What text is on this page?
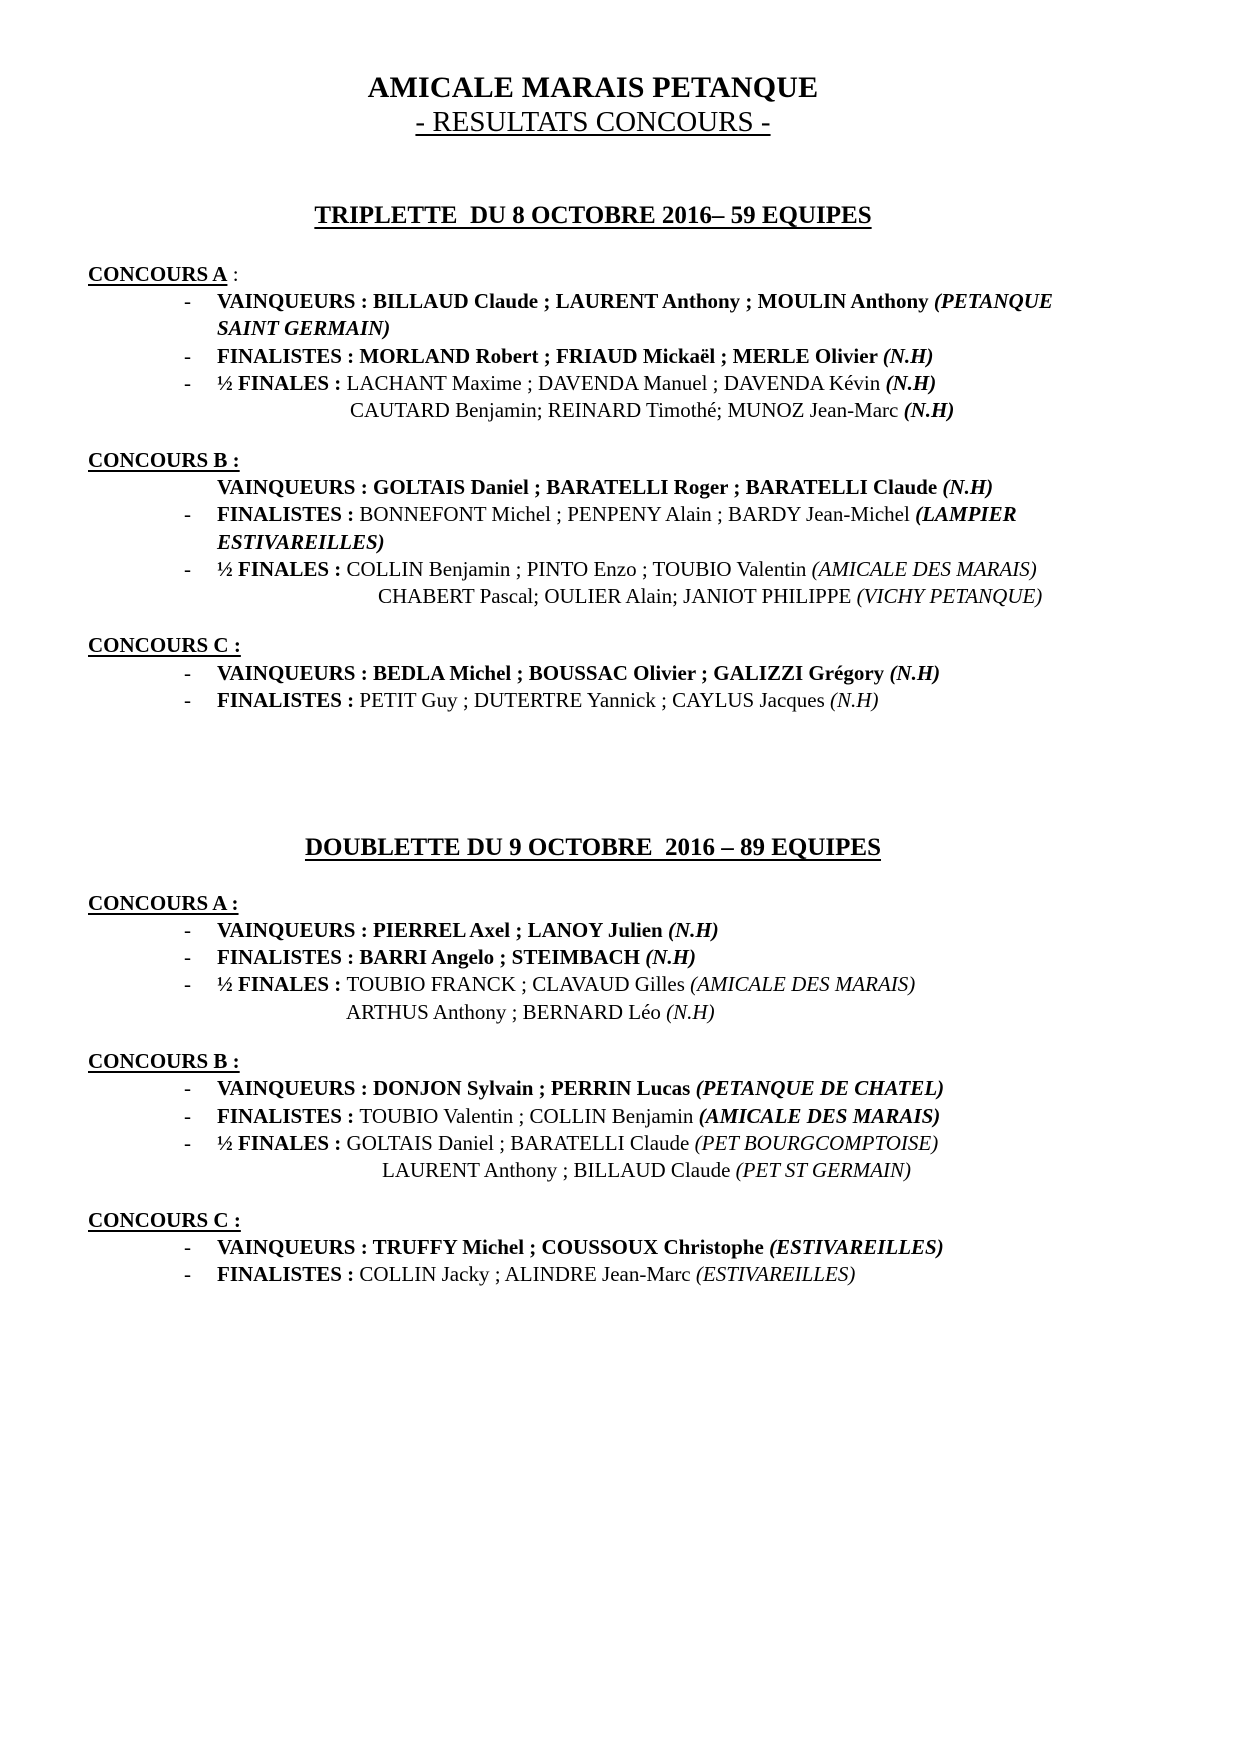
AMICALE MARAIS PETANQUE
- RESULTATS CONCOURS -
TRIPLETTE  DU 8 OCTOBRE 2016– 59 EQUIPES
CONCOURS A :
- VAINQUEURS : BILLAUD Claude ; LAURENT Anthony ; MOULIN Anthony (PETANQUE SAINT GERMAIN)
- FINALISTES : MORLAND Robert ; FRIAUD Mickaël ; MERLE Olivier (N.H)
- ½ FINALES : LACHANT Maxime ; DAVENDA Manuel ; DAVENDA Kévin (N.H)
CAUTARD Benjamin; REINARD Timothé; MUNOZ Jean-Marc (N.H)
CONCOURS B :
VAINQUEURS : GOLTAIS Daniel ; BARATELLI Roger ; BARATELLI Claude (N.H)
- FINALISTES : BONNEFONT Michel ; PENPENY Alain ; BARDY Jean-Michel (LAMPIER ESTIVAREILLES)
- ½ FINALES : COLLIN Benjamin ; PINTO Enzo ; TOUBIO Valentin (AMICALE DES MARAIS)
CHABERT Pascal; OULIER Alain; JANIOT PHILIPPE (VICHY PETANQUE)
CONCOURS C :
- VAINQUEURS : BEDLA Michel ; BOUSSAC Olivier ; GALIZZI Grégory (N.H)
- FINALISTES : PETIT Guy ; DUTERTRE Yannick ; CAYLUS Jacques (N.H)
DOUBLETTE DU 9 OCTOBRE  2016 – 89 EQUIPES
CONCOURS A :
- VAINQUEURS : PIERREL Axel ; LANOY Julien (N.H)
- FINALISTES : BARRI Angelo ; STEIMBACH (N.H)
- ½ FINALES : TOUBIO FRANCK ; CLAVAUD Gilles (AMICALE DES MARAIS)
ARTHUS Anthony ; BERNARD Léo (N.H)
CONCOURS B :
- VAINQUEURS : DONJON Sylvain ; PERRIN Lucas (PETANQUE DE CHATEL)
- FINALISTES : TOUBIO Valentin ; COLLIN Benjamin (AMICALE DES MARAIS)
- ½ FINALES : GOLTAIS Daniel ; BARATELLI Claude (PET BOURGCOMPTOISE)
LAURENT Anthony ; BILLAUD Claude (PET ST GERMAIN)
CONCOURS C :
- VAINQUEURS : TRUFFY Michel ; COUSSOUX Christophe (ESTIVAREILLES)
- FINALISTES : COLLIN Jacky ; ALINDRE Jean-Marc (ESTIVAREILLES)
